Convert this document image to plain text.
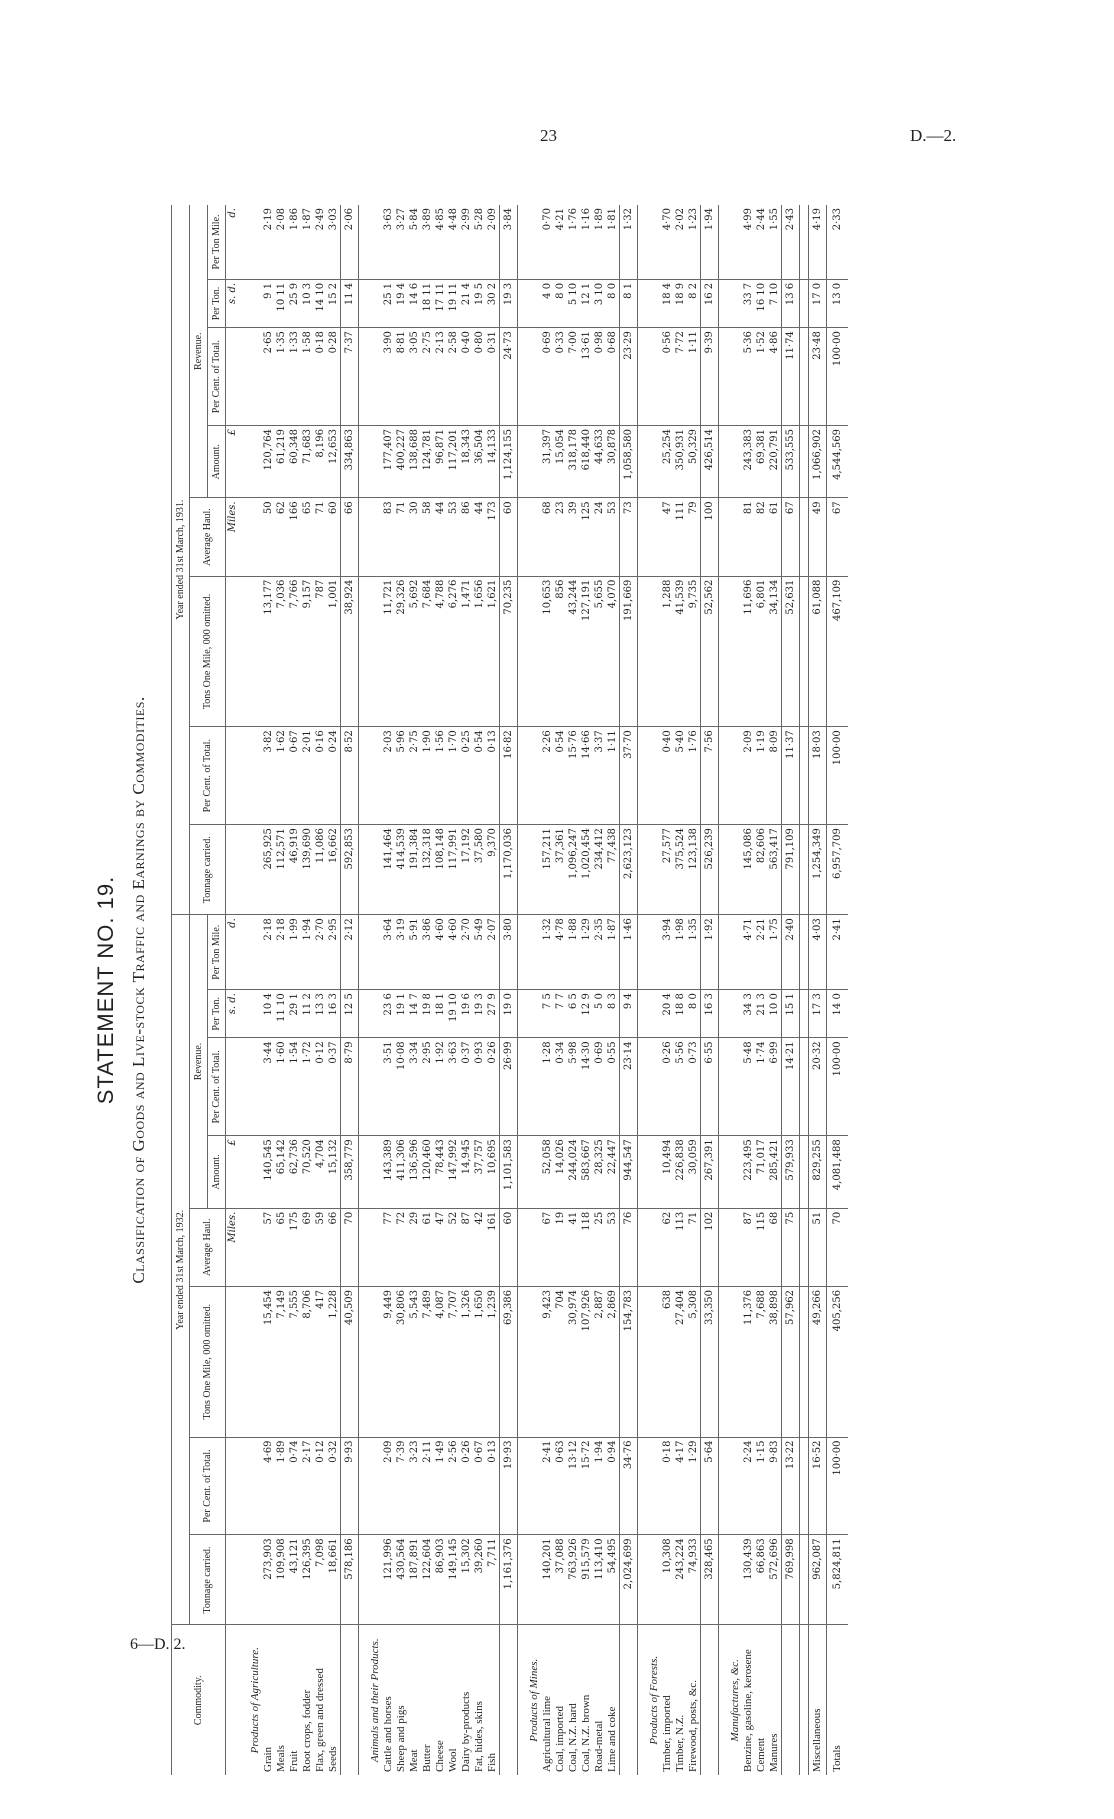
23	D.—2.
6—D. 2.
STATEMENT NO. 19. Classification of Goods and Live-stock Traffic and Earnings by Commodities.
Commodity.	Year ended 31st March, 1932.								Year ended 31st March, 1931.							
	Tonnage carried.	Per Cent. of Total.	Tons One Mile, 000 omitted.	Average Haul.	Revenue.				Tonnage carried.	Per Cent. of Total.	Tons One Mile, 000 omitted.	Average Haul.	Revenue.			
					Amount.	Per Cent. of Total.	Per Ton.	Per Ton Mile.					Amount.	Per Cent. of Total.	Per Ton.	Per Ton Mile.
				Miles.	£		s. d.	d.				Miles.	£		s. d.	d.
Products of Agriculture.																
Grain	273,903	4·69	15,454	57	140,545	3·44	10 4	2·18	265,925	3·82	13,177	50	120,764	2·65	9 1	2·19
Meals	109,908	1·89	7,149	65	65,142	1·60	11 10	2·18	112,571	1·62	7,036	62	61,219	1·35	10 11	2·08
Fruit	43,121	0·74	7,555	175	62,736	1·54	29 1	1·99	46,919	0·67	7,766	166	60,348	1·33	25 9	1·86
Root crops, fodder	126,395	2·17	8,706	69	70,520	1·72	11 2	1·94	139,690	2·01	9,157	65	71,683	1·58	10 3	1·87
Flax, green and dressed	7,098	0·12	417	59	4,704	0·12	13 3	2·70	11,086	0·16	787	71	8,196	0·18	14 10	2·49
Seeds	18,661	0·32	1,228	66	15,132	0·37	16 3	2·95	16,662	0·24	1,001	60	12,653	0·28	15 2	3·03
	578,186	9·93	40,509	70	358,779	8·79	12 5	2·12	592,853	8·52	38,924	66	334,863	7·37	11 4	2·06
Animals and their Products.																
Cattle and horses	121,996	2·09	9,449	77	143,389	3·51	23 6	3·64	141,464	2·03	11,721	83	177,407	3·90	25 1	3·63
Sheep and pigs	430,564	7·39	30,806	72	411,306	10·08	19 1	3·19	414,539	5·96	29,326	71	400,227	8·81	19 4	3·27
Meat	187,891	3·23	5,543	29	136,596	3·34	14 7	5·91	191,384	2·75	5,692	30	138,688	3·05	14 6	5·84
Butter	122,604	2·11	7,489	61	120,460	2·95	19 8	3·86	132,318	1·90	7,684	58	124,781	2·75	18 11	3·89
Cheese	86,903	1·49	4,087	47	78,443	1·92	18 1	4·60	108,148	1·56	4,788	44	96,871	2·13	17 11	4·85
Wool	149,145	2·56	7,707	52	147,992	3·63	19 10	4·60	117,991	1·70	6,276	53	117,201	2·58	19 11	4·48
Dairy by-products	15,302	0·26	1,326	87	14,945	0·37	19 6	2·70	17,192	0·25	1,471	86	18,343	0·40	21 4	2·99
Fat, hides, skins	39,260	0·67	1,650	42	37,757	0·93	19 3	5·49	37,580	0·54	1,656	44	36,504	0·80	19 5	5·28
Fish	7,711	0·13	1,239	161	10,695	0·26	27 9	2·07	9,370	0·13	1,621	173	14,133	0·31	30 2	2·09
	1,161,376	19·93	69,386	60	1,101,583	26·99	19 0	3·80	1,170,036	16·82	70,235	60	1,124,155	24·73	19 3	3·84
Products of Mines.																
Agricultural lime	140,201	2·41	9,423	67	52,058	1·28	7 5	1·32	157,211	2·26	10,653	68	31,397	0·69	4 0	0·70
Coal, imported	37,088	0·63	704	19	14,026	0·34	7 7	4·78	37,361	0·54	856	23	15,054	0·33	8 0	4·21
Coal, N.Z. hard	763,926	13·12	30,974	41	244,024	5·98	6 5	1·88	1,096,247	15·76	43,244	39	318,178	7·00	5 10	1·76
Coal, N.Z. brown	915,579	15·72	107,926	118	583,667	14·30	12 9	1·29	1,020,454	14·66	127,191	125	618,440	13·61	12 1	1·16
Road-metal	113,410	1·94	2,887	25	28,325	0·69	5 0	2·35	234,412	3·37	5,655	24	44,633	0·98	3 10	1·89
Lime and coke	54,495	0·94	2,869	53	22,447	0·55	8 3	1·87	77,438	1·11	4,070	53	30,878	0·68	8 0	1·81
	2,024,699	34·76	154,783	76	944,547	23·14	9 4	1·46	2,623,123	37·70	191,669	73	1,058,580	23·29	8 1	1·32
Products of Forests.																
Timber, imported	10,308	0·18	638	62	10,494	0·26	20 4	3·94	27,577	0·40	1,288	47	25,254	0·56	18 4	4·70
Timber, N.Z.	243,224	4·17	27,404	113	226,838	5·56	18 8	1·98	375,524	5·40	41,539	111	350,931	7·72	18 9	2·02
Firewood, posts, &c.	74,933	1·29	5,308	71	30,059	0·73	8 0	1·35	123,138	1·76	9,735	79	50,329	1·11	8 2	1·23
	328,465	5·64	33,350	102	267,391	6·55	16 3	1·92	526,239	7·56	52,562	100	426,514	9·39	16 2	1·94
Manufactures, &c.																
Benzine, gasoline, kerosene	130,439	2·24	11,376	87	223,495	5·48	34 3	4·71	145,086	2·09	11,696	81	243,383	5·36	33 7	4·99
Cement	66,863	1·15	7,688	115	71,017	1·74	21 3	2·21	82,606	1·19	6,801	82	69,381	1·52	16 10	2·44
Manures	572,696	9·83	38,898	68	285,421	6·99	10 0	1·75	563,417	8·09	34,134	61	220,791	4·86	7 10	1·55
	769,998	13·22	57,962	75	579,933	14·21	15 1	2·40	791,109	11·37	52,631	67	533,555	11·74	13 6	2·43

Miscellaneous	962,087	16·52	49,266	51	829,255	20·32	17 3	4·03	1,254,349	18·03	61,088	49	1,066,902	23·48	17 0	4·19
Totals	5,824,811	100·00	405,256	70	4,081,488	100·00	14 0	2·41	6,957,709	100·00	467,109	67	4,544,569	100·00	13 0	2·33
